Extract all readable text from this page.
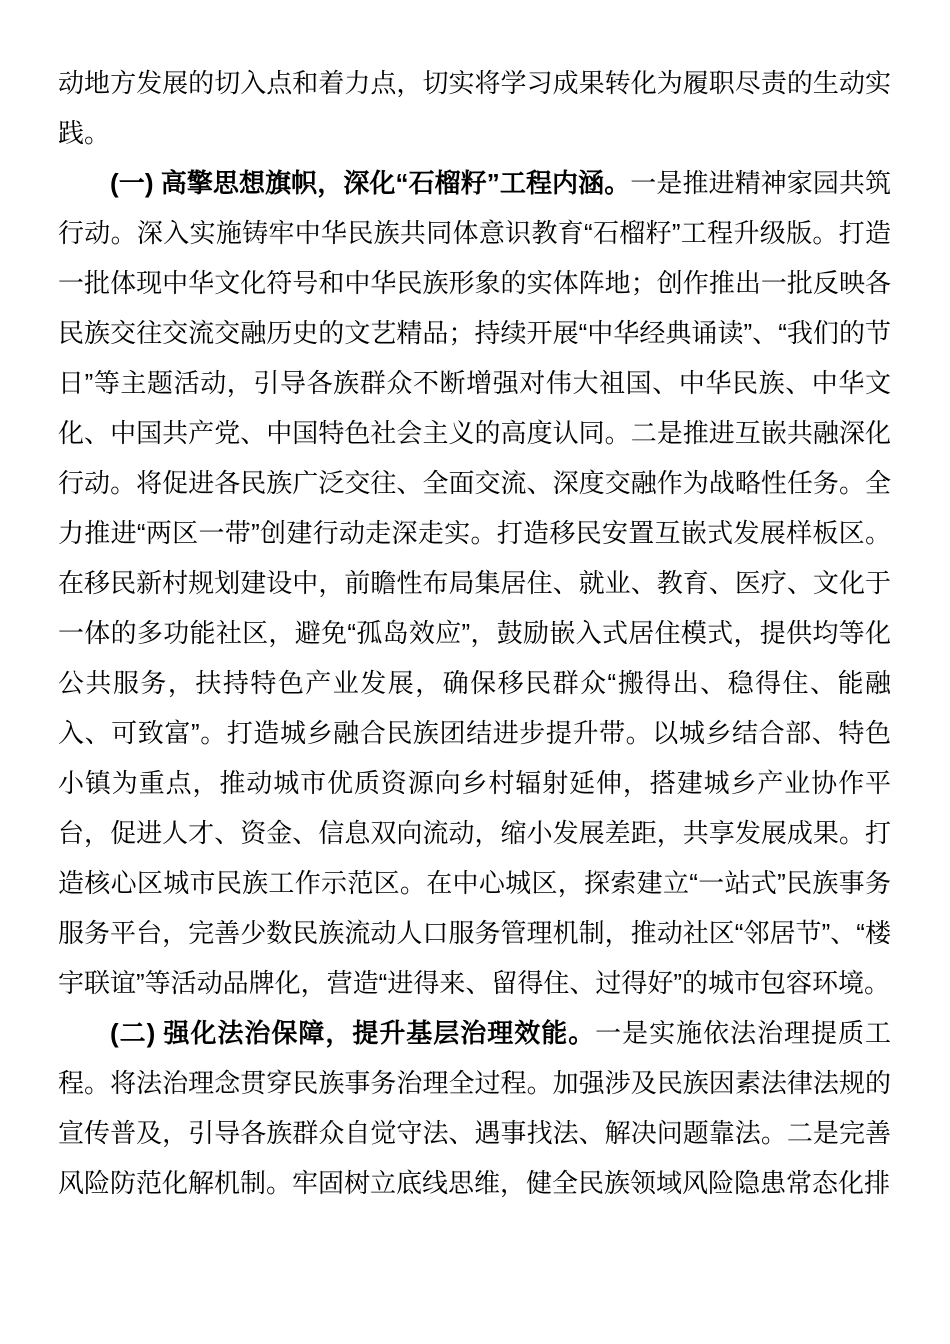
动地方发展的切入点和着力点，切实将学习成果转化为履职尽责的生动实践。

(一) 高擎思想旗帜，深化“石榴籽”工程内涵。一是推进精神家园共筑行动。深入实施铸牢中华民族共同体意识教育“石榴籽”工程升级版。打造一批体现中华文化符号和中华民族形象的实体阵地；创作推出一批反映各民族交往交流交融历史的文艺精品；持续开展“中华经典诵读”、“我们的节日”等主题活动，引导各族群众不断增强对伟大祖国、中华民族、中华文化、中国共产党、中国特色社会主义的高度认同。二是推进互嵌共融深化行动。将促进各民族广泛交往、全面交流、深度交融作为战略性任务。全力推进“两区一带”创建行动走深走实。打造移民安置互嵌式发展样板区。在移民新村规划建设中，前瞻性布局集居住、就业、教育、医疗、文化于一体的多功能社区，避免“孤岛效应”，鼓励嵌入式居住模式，提供均等化公共服务，扶持特色产业发展，确保移民群众“搬得出、稳得住、能融入、可致富”。打造城乡融合民族团结进步提升带。以城乡结合部、特色小镇为重点，推动城市优质资源向乡村辐射延伸，搭建城乡产业协作平台，促进人才、资金、信息双向流动，缩小发展差距，共享发展成果。打造核心区城市民族工作示范区。在中心城区，探索建立“一站式”民族事务服务平台，完善少数民族流动人口服务管理机制，推动社区“邻居节”、“楼宇联谊”等活动品牌化，营造“进得来、留得住、过得好”的城市包容环境。

(二) 强化法治保障，提升基层治理效能。一是实施依法治理提质工程。将法治理念贯穿民族事务治理全过程。加强涉及民族因素法律法规的宣传普及，引导各族群众自觉守法、遇事找法、解决问题靠法。二是完善风险防范化解机制。牢固树立底线思维，健全民族领域风险隐患常态化排
